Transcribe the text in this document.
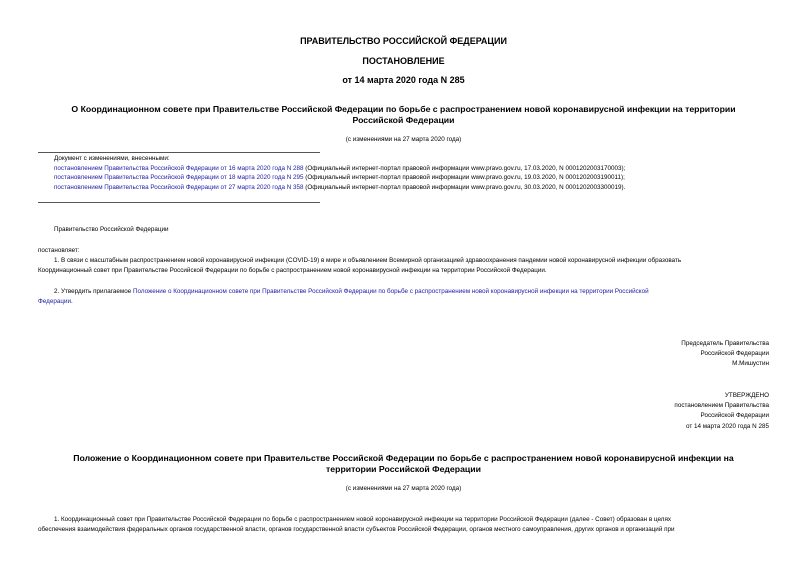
ПРАВИТЕЛЬСТВО РОССИЙСКОЙ ФЕДЕРАЦИИ
ПОСТАНОВЛЕНИЕ
от 14 марта 2020 года N 285
О Координационном совете при Правительстве Российской Федерации по борьбе с распространением новой коронавирусной инфекции на территории
Российской Федерации
(с изменениями на 27 марта 2020 года)
Документ с изменениями, внесенными:
постановлением Правительства Российской Федерации от 16 марта 2020 года N 288 (Официальный интернет-портал правовой информации www.pravo.gov.ru, 17.03.2020, N 0001202003170003);
постановлением Правительства Российской Федерации от 18 марта 2020 года N 295 (Официальный интернет-портал правовой информации www.pravo.gov.ru, 19.03.2020, N 0001202003190011);
постановлением Правительства Российской Федерации от 27 марта 2020 года N 358 (Официальный интернет-портал правовой информации www.pravo.gov.ru, 30.03.2020, N 0001202003300019).
Правительство Российской Федерации
постановляет:
1. В связи с масштабным распространением новой коронавирусной инфекции (COVID-19) в мире и объявлением Всемирной организацией здравоохранения пандемии новой коронавирусной инфекции образовать
Координационный совет при Правительстве Российской Федерации по борьбе с распространением новой коронавирусной инфекции на территории Российской Федерации.
2. Утвердить прилагаемое Положение о Координационном совете при Правительстве Российской Федерации по борьбе с распространением новой коронавирусной инфекции на территории Российской
Федерации.
Председатель Правительства
Российской Федерации
М.Мишустин
УТВЕРЖДЕНО
постановлением Правительства
Российской Федерации
от 14 марта 2020 года N 285
Положение о Координационном совете при Правительстве Российской Федерации по борьбе с распространением новой коронавирусной инфекции на
территории Российской Федерации
(с изменениями на 27 марта 2020 года)
1. Координационный совет при Правительстве Российской Федерации по борьбе с распространением новой коронавирусной инфекции на территории Российской Федерации (далее - Совет) образован в целях
обеспечения взаимодействия федеральных органов государственной власти, органов государственной власти субъектов Российской Федерации, органов местного самоуправления, других органов и организаций при
